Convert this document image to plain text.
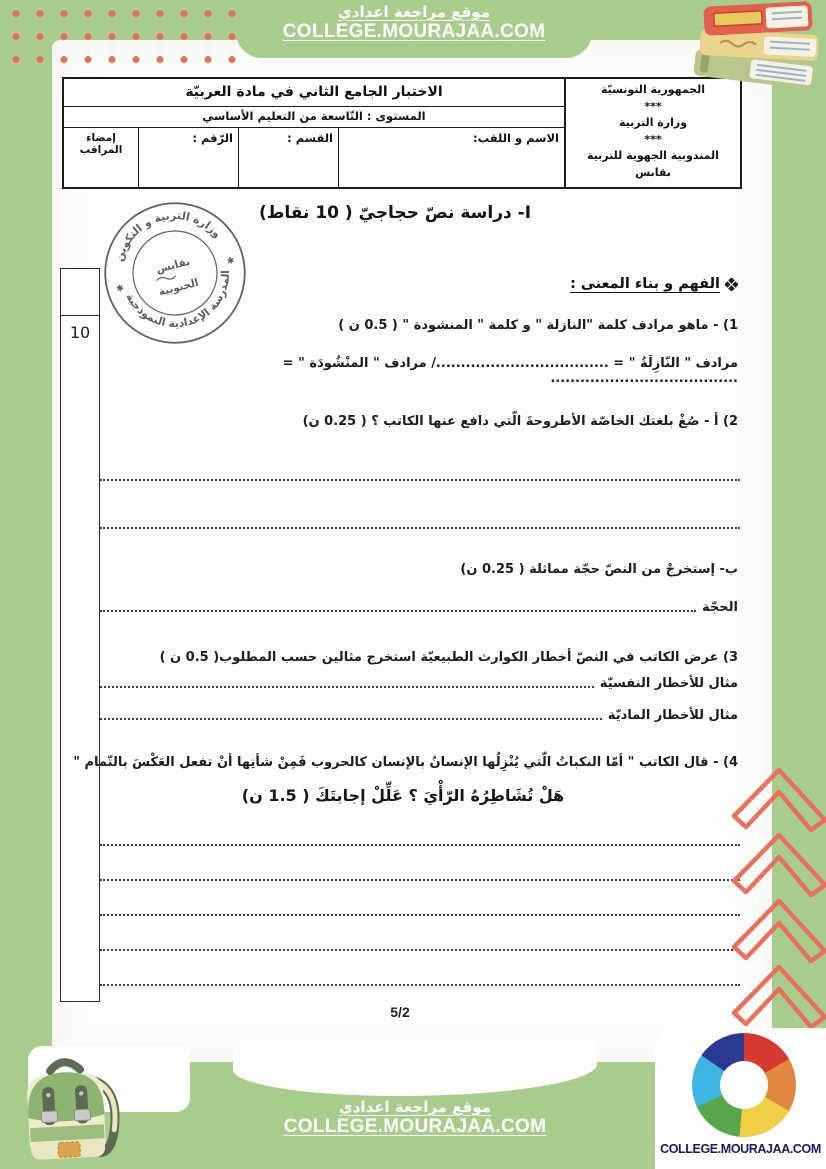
موقع مراجعة اعدادي
COLLEGE.MOURAJAA.COM
الجمهورية التونسيّة
***
وزارة التربية
***
المندوبية الجهوية للتربية
بقابس
الاختبار الجامع الثاني في مادة العربيّة
المستوى : التّاسعة من التعليم الأساسي
الاسم و اللقب:
القسم :
الرّقم :
إمضاء المراقب
I- دراسة نصّ حجاجيّ ( 10 نقاط)
وزارة التربية و التكوين
المدرسة الإعدادية النموذجية
بقابس
الجنوبية
✱
✱
10
الفهم و بناء المعنى :
1) - ماهو مرادف كلمة "النازلة " و كلمة " المنشودة " ( 0.5 ن )
مرادف " النّازِلَةُ " = .................................../ مرادف " المنْشُودَة " = ......................................
2) أ - صُغْ بلغتك الخاصّة الأطروحةَ الّتي دافع عنها الكاتب ؟ ( 0.25 ن)
ب- إستخرجْ من النصّ حجّة مماثلة ( 0.25 ن)
الحجّة
3) عرض الكاتب في النصّ أخطار الكوارث الطبيعيّة استخرج مثالين حسب المطلوب( 0.5 ن )
مثال للأخطار النفسيّة
مثال للأخطار الماديّة
4) - قال الكاتب " أمّا النكباتُ الّتي يُنْزِلُها الإنسانُ بالإنسان كالحروب فَمِنْ شأنِها أنْ تفعل العَكْسَ بالتّمام "
هَلْ تُشَاطِرُهُ الرّأْيَ ؟ عَلِّلْ إجابتَكَ ( 1.5 ن)
5/2
موقع مراجعة اعدادي
COLLEGE.MOURAJAA.COM
COLLEGE.MOURAJAA.COM
